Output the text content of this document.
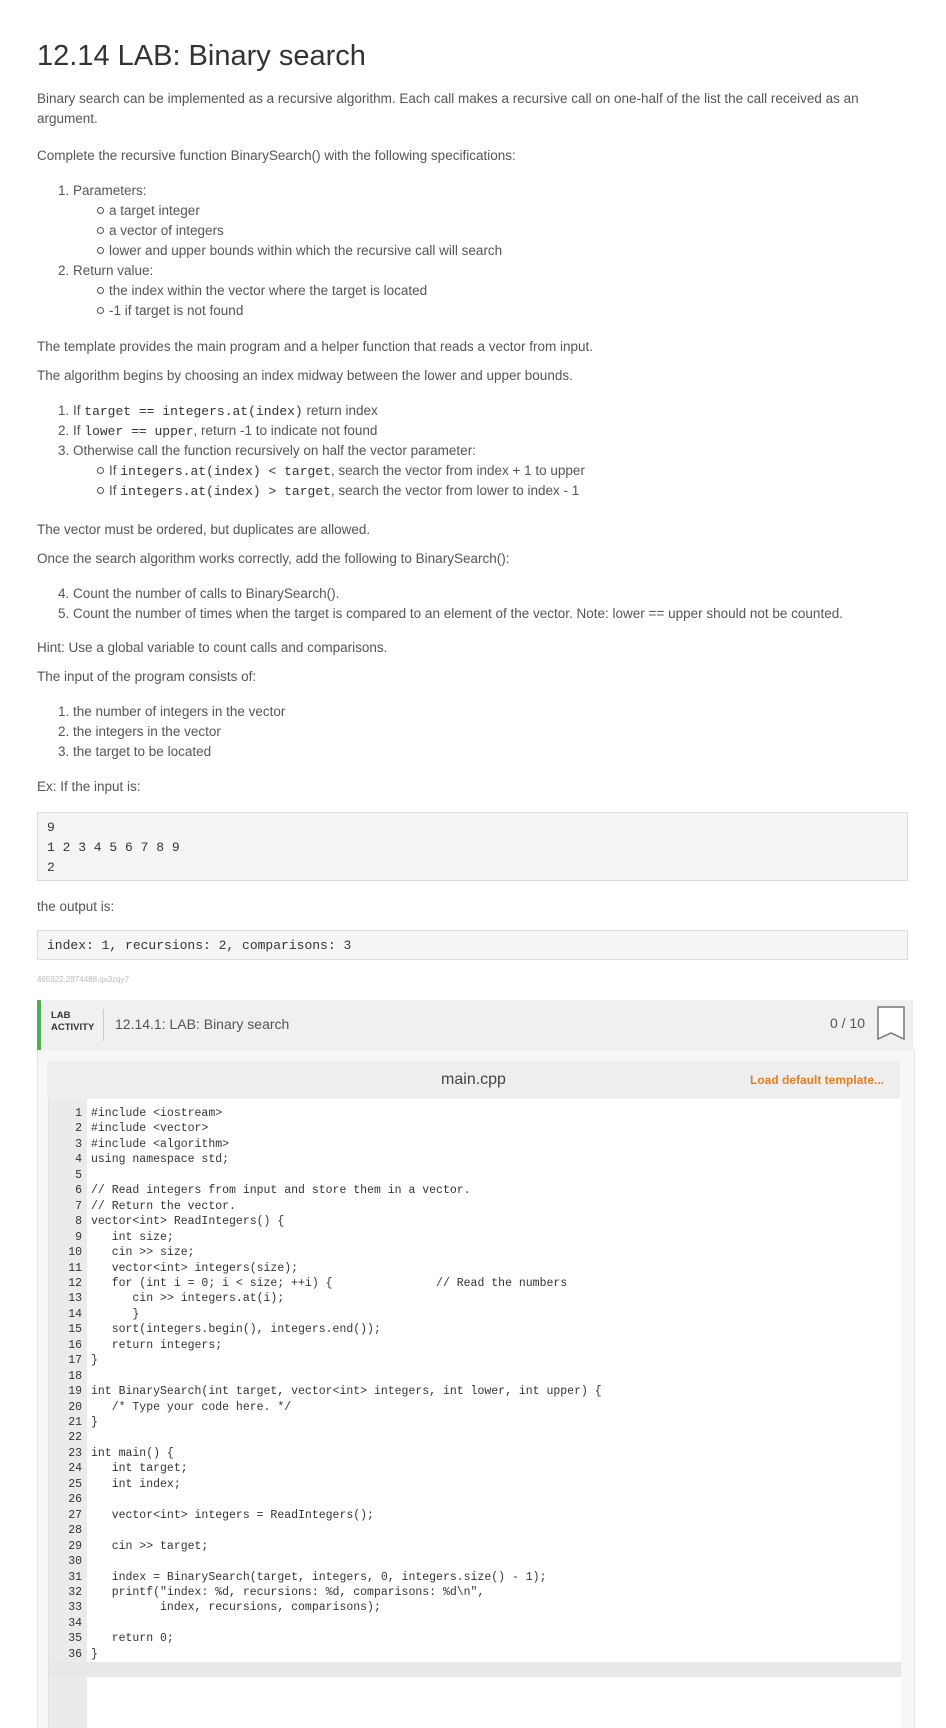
12.14 LAB: Binary search

Binary search can be implemented as a recursive algorithm. Each call makes a recursive call on one-half of the list the call received as an
argument.

Complete the recursive function BinarySearch() with the following specifications:

1. Parameters:
a target integer
a vector of integers
lower and upper bounds within which the recursive call will search
2. Return value:
the index within the vector where the target is located
-1 if target is not found

The template provides the main program and a helper function that reads a vector from input.

The algorithm begins by choosing an index midway between the lower and upper bounds.

1. If target == integers.at(index) return index
2. If lower == upper, return -1 to indicate not found
3. Otherwise call the function recursively on half the vector parameter:
If integers.at(index) < target, search the vector from index + 1 to upper
If integers.at(index) > target, search the vector from lower to index - 1

The vector must be ordered, but duplicates are allowed.

Once the search algorithm works correctly, add the following to BinarySearch():

4. Count the number of calls to BinarySearch().
5. Count the number of times when the target is compared to an element of the vector. Note: lower == upper should not be counted.

Hint: Use a global variable to count calls and comparisons.

The input of the program consists of:

1. the number of integers in the vector
2. the integers in the vector
3. the target to be located

Ex: If the input is:

9
1 2 3 4 5 6 7 8 9
2

the output is:

index: 1, recursions: 2, comparisons: 3
465922.2874488.qx3zqy7
LAB
ACTIVITY 12.14.1: LAB: Binary search	0 / 10
main.cpp	Load default template...
1
2
3
4
5
6
7
8
9
10
11
12
13
14
15
16
17
18
19
20
21
22
23
24
25
26
27
28
29
30
31
32
33
34
35
36
#include <iostream>
#include <vector>
#include <algorithm>
using namespace std;
// Read integers from input and store them in a vector.
// Return the vector.
vector<int> ReadIntegers() {
int size;
cin >> size;
vector<int> integers(size);
for (int i = 0; i < size; ++i) {               // Read the numbers
cin >> integers.at(i);
}
sort(integers.begin(), integers.end());
return integers;
}
int BinarySearch(int target, vector<int> integers, int lower, int upper) {
/* Type your code here. */
}
int main() {
int target;
int index;
vector<int> integers = ReadIntegers();
cin >> target;
index = BinarySearch(target, integers, 0, integers.size() - 1);
printf("index: %d, recursions: %d, comparisons: %d\n",
index, recursions, comparisons);
return 0;
}
